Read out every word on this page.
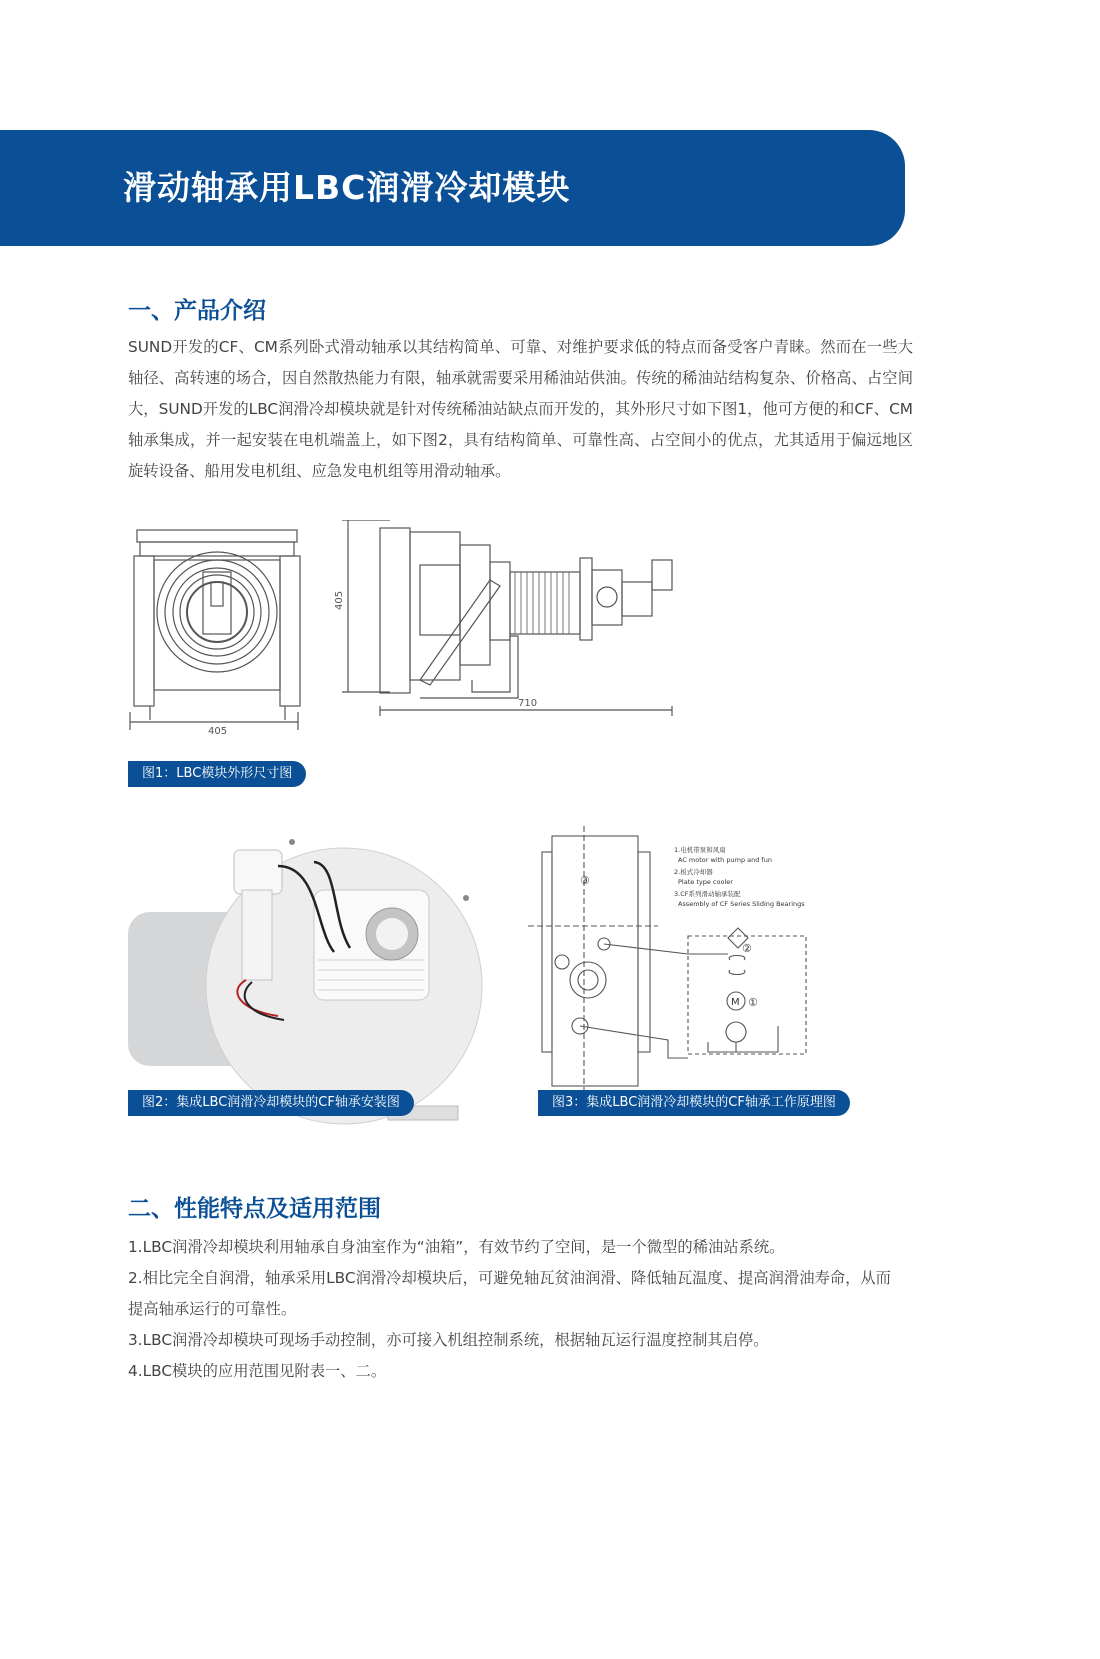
滑动轴承用LBC润滑冷却模块
一、产品介绍

SUND开发的CF、CM系列卧式滑动轴承以其结构简单、可靠、对维护要求低的特点而备受客户青睐。然而在一些大轴径、高转速的场合，因自然散热能力有限，轴承就需要采用稀油站供油。传统的稀油站结构复杂、价格高、占空间大，SUND开发的LBC润滑冷却模块就是针对传统稀油站缺点而开发的，其外形尺寸如下图1，他可方便的和CF、CM轴承集成，并一起安装在电机端盖上，如下图2，具有结构简单、可靠性高、占空间小的优点，尤其适用于偏远地区旋转设备、船用发电机组、应急发电机组等用滑动轴承。

405
405
710
图1：LBC模块外形尺寸图
图2：集成LBC润滑冷却模块的CF轴承安装图
③
②
①
M
1.电机带泵和风扇
AC motor with pump and fun
2.板式冷却器
Plate type cooler
3.CF系列滑动轴承装配
Assembly of CF Series Sliding Bearings
图3：集成LBC润滑冷却模块的CF轴承工作原理图
二、性能特点及适用范围

1.LBC润滑冷却模块利用轴承自身油室作为“油箱”，有效节约了空间，是一个微型的稀油站系统。

2.相比完全自润滑，轴承采用LBC润滑冷却模块后，可避免轴瓦贫油润滑、降低轴瓦温度、提高润滑油寿命，从而提高轴承运行的可靠性。

3.LBC润滑冷却模块可现场手动控制，亦可接入机组控制系统，根据轴瓦运行温度控制其启停。

4.LBC模块的应用范围见附表一、二。
